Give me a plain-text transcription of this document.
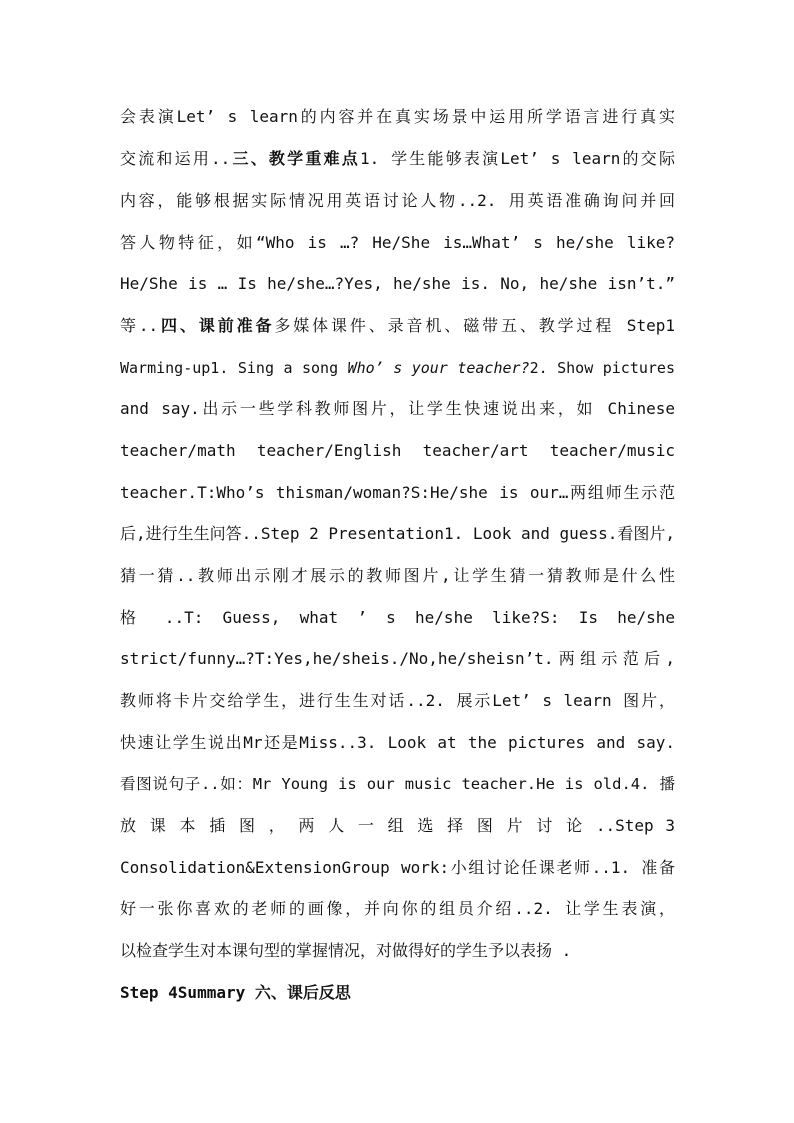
会表演Let’ s learn的内容并在真实场景中运用所学语言进行真实
交流和运用..三、教学重难点1. 学生能够表演Let’ s learn的交际
内容，能够根据实际情况用英语讨论人物..2. 用英语准确询问并回
答人物特征，如“Who is …? He/She is…What’ s he/she like?
He/She is … Is he/she…?Yes, he/she is. No, he/she isn’t.”
等..四、课前准备多媒体课件、录音机、磁带五、教学过程 Step1
Warming-up1. Sing a song Who’ s your teacher?2. Show pictures
and say.出示一些学科教师图片，让学生快速说出来，如 Chinese
teacher/math teacher/English teacher/art teacher/music
teacher.T:Who’s thisman/woman?S:He/she is our…两组师生示范
后,进行生生问答..Step 2 Presentation1. Look and guess.看图片,
猜一猜..教师出示刚才展示的教师图片,让学生猜一猜教师是什么性
格 ..T: Guess, what ’ s he/she like?S: Is he/she
strict/funny…?T:Yes,he/sheis./No,he/sheisn’t.两组示范后,
教师将卡片交给学生，进行生生对话..2. 展示Let’ s learn 图片，
快速让学生说出Mr还是Miss..3. Look at the pictures and say.
看图说句子..如：Mr Young is our music teacher.He is old.4. 播
放 课 本 插 图 ， 两 人 一 组 选 择 图 片 讨 论 ..Step 3
Consolidation&ExtensionGroup work:小组讨论任课老师..1. 准备
好一张你喜欢的老师的画像，并向你的组员介绍..2. 让学生表演，
以检查学生对本课句型的掌握情况，对做得好的学生予以表扬 .
Step 4Summary 六、课后反思
